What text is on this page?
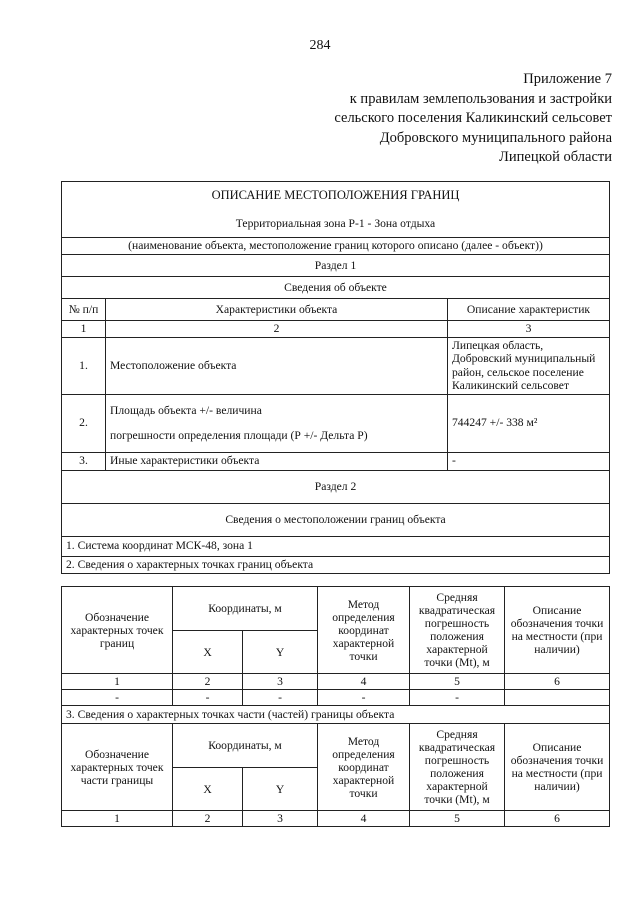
284
Приложение 7
к правилам землепользования и застройки
сельского поселения Каликинский сельсовет
Добровского муниципального района
Липецкой области
ОПИСАНИЕ МЕСТОПОЛОЖЕНИЯ ГРАНИЦ
Территориальная зона Р-1 - Зона отдыха		

(наименование объекта, местоположение границ которого описано (далее - объект))		
Раздел 1		
Сведения об объекте		
№ п/п	Характеристики объекта	Описание характеристик
1	2	3
1.	Местоположение объекта	Липецкая область, Добровский муниципальный район, сельское поселение Каликинский сельсовет
2.	Площадь объекта +/- величина
погрешности определения площади (Р +/- Дельта Р)	744247 +/- 338 м²
3.	Иные характеристики объекта	-
Раздел 2		
Сведения о местоположении границ объекта		
1. Система координат МСК-48, зона 1		
2. Сведения о характерных точках границ объекта		
Обозначение характерных точек границ	Координаты, м		Метод определения координат характерной точки	Средняя квадратическая погрешность положения характерной точки (Mt), м	Описание обозначения точки на местности (при наличии)
	X	Y			
1	2	3	4	5	6
-	-	-	-	-	
3. Сведения о характерных точках части (частей) границы объекта					
Обозначение характерных точек части границы	Координаты, м		Метод определения координат характерной точки	Средняя квадратическая погрешность положения характерной точки (Mt), м	Описание обозначения точки на местности (при наличии)
	X	Y			
1	2	3	4	5	6
